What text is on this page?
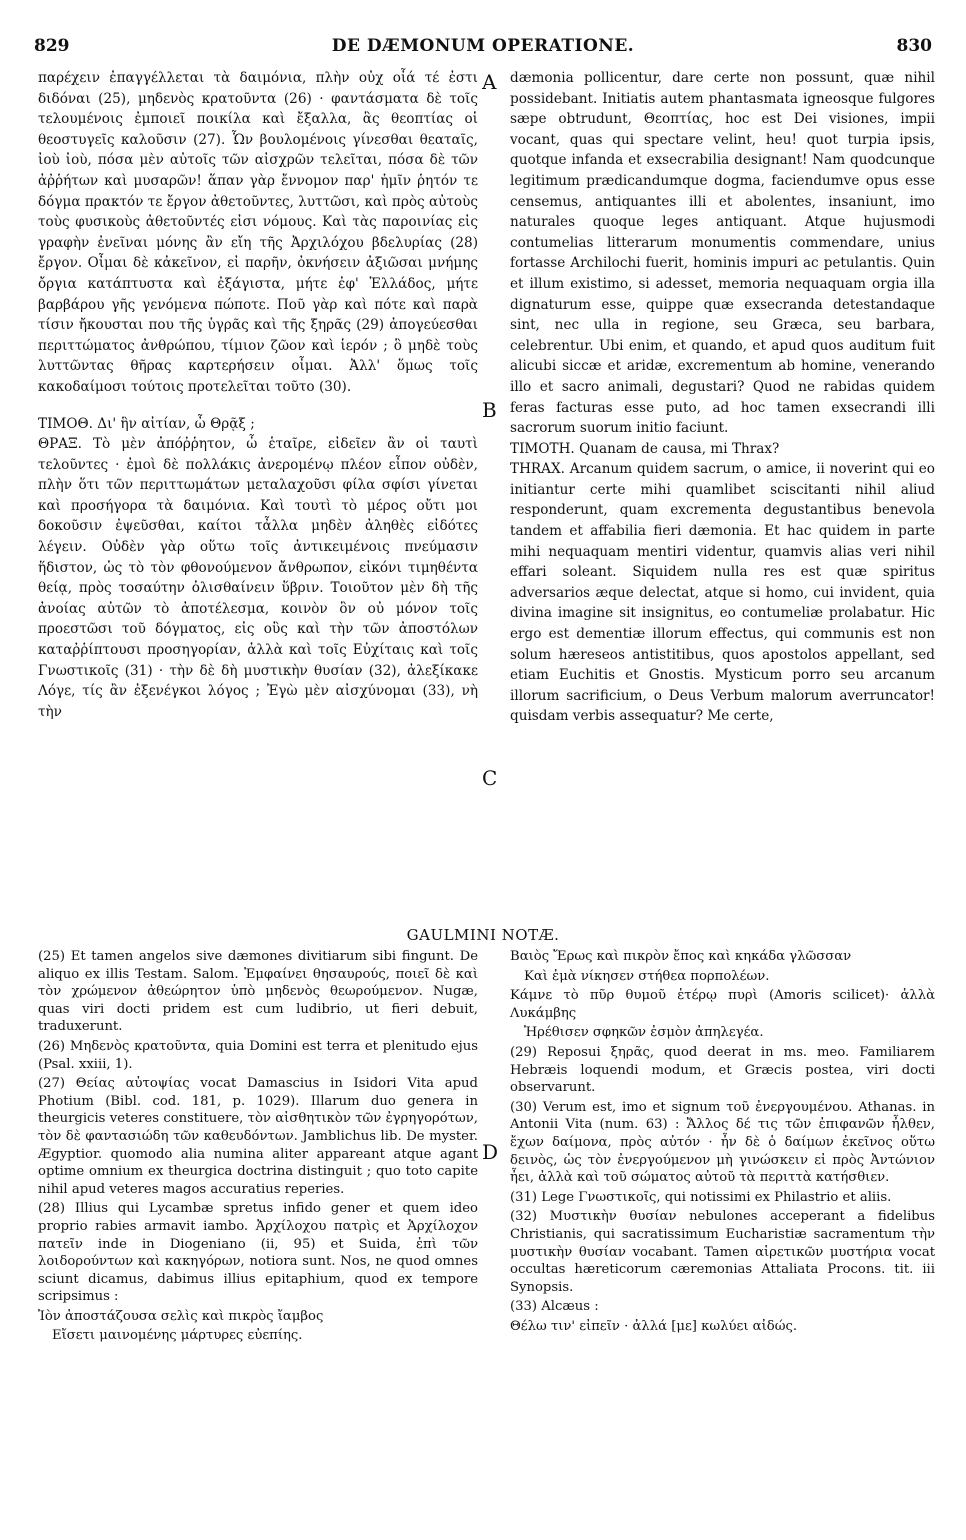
829	DE DÆMONUM OPERATIONE.	830
A
B
C
D

παρέχειν ἐπαγγέλλεται τὰ δαιμόνια, πλὴν οὐχ οἷά τέ ἐστι διδόναι (25), μηδενὸς κρατοῦντα (26) · φαντάσματα δὲ τοῖς τελουμένοις ἐμποιεῖ ποικίλα καὶ ἔξαλλα, ἃς θεοπτίας οἱ θεοστυγεῖς καλοῦσιν (27). Ὧν βουλομένοις γίνεσθαι θεαταῖς, ἰοὺ ἰοὺ, πόσα μὲν αὐτοῖς τῶν αἰσχρῶν τελεῖται, πόσα δὲ τῶν ἀῤῥήτων καὶ μυσαρῶν! ἅπαν γὰρ ἔννομον παρ' ἡμῖν ῥητόν τε δόγμα πρακτόν τε ἔργον ἀθετοῦντες, λυττῶσι, καὶ πρὸς αὐτοὺς τοὺς φυσικοὺς ἀθετοῦντές εἰσι νόμους. Καὶ τὰς παροινίας εἰς γραφὴν ἐνεῖναι μόνης ἂν εἴη τῆς Ἀρχιλόχου βδελυρίας (28) ἔργον. Οἶμαι δὲ κἀκεῖνον, εἰ παρῆν, ὀκνήσειν ἀξιῶσαι μνήμης ὄργια κατάπτυστα καὶ ἐξάγιστα, μήτε ἐφ' Ἑλλάδος, μήτε βαρβάρου γῆς γενόμενα πώποτε. Ποῦ γὰρ καὶ πότε καὶ παρὰ τίσιν ἤκουσται που τῆς ὑγρᾶς καὶ τῆς ξηρᾶς (29) ἀπογεύεσθαι περιττώματος ἀνθρώπου, τίμιον ζῶον καὶ ἱερόν ; ὃ μηδὲ τοὺς λυττῶντας θῆρας καρτερήσειν οἶμαι. Ἀλλ' ὅμως τοῖς κακοδαίμοσι τούτοις προτελεῖται τοῦτο (30).

ΤΙΜΟΘ. Δι' ἣν αἰτίαν, ὦ Θρᾷξ ;

ΘΡΑΞ. Τὸ μὲν ἀπόῤῥητον, ὦ ἑταῖρε, εἰδεῖεν ἂν οἱ ταυτὶ τελοῦντες · ἐμοὶ δὲ πολλάκις ἀνερομένῳ πλέον εἶπον οὐδὲν, πλὴν ὅτι τῶν περιττωμάτων μεταλαχοῦσι φίλα σφίσι γίνεται καὶ προσήγορα τὰ δαιμόνια. Καὶ τουτὶ τὸ μέρος οὔτι μοι δοκοῦσιν ἐψεῦσθαι, καίτοι τἆλλα μηδὲν ἀληθὲς εἰδότες λέγειν. Οὐδὲν γὰρ οὕτω τοῖς ἀντικειμένοις πνεύμασιν ἥδιστον, ὡς τὸ τὸν φθονούμενον ἄνθρωπον, εἰκόνι τιμηθέντα θείᾳ, πρὸς τοσαύτην ὀλισθαίνειν ὕβριν. Τοιοῦτον μὲν δὴ τῆς ἀνοίας αὐτῶν τὸ ἀποτέλεσμα, κοινὸν ὂν οὐ μόνον τοῖς προεστῶσι τοῦ δόγματος, εἰς οὓς καὶ τὴν τῶν ἀποστόλων καταῤῥίπτουσι προσηγορίαν, ἀλλὰ καὶ τοῖς Εὐχίταις καὶ τοῖς Γνωστικοῖς (31) · τὴν δὲ δὴ μυστικὴν θυσίαν (32), ἀλεξίκακε Λόγε, τίς ἂν ἐξενέγκοι λόγος ; Ἐγὼ μὲν αἰσχύνομαι (33), νὴ τὴν

dæmonia pollicentur, dare certe non possunt, quæ nihil possidebant. Initiatis autem phantasmata igneosque fulgores sæpe obtrudunt, Θεοπτίας, hoc est Dei visiones, impii vocant, quas qui spectare velint, heu! quot turpia ipsis, quotque infanda et exsecrabilia designant! Nam quodcunque legitimum prædicandumque dogma, faciendumve opus esse censemus, antiquantes illi et abolentes, insaniunt, imo naturales quoque leges antiquant. Atque hujusmodi contumelias litterarum monumentis commendare, unius fortasse Archilochi fuerit, hominis impuri ac petulantis. Quin et illum existimo, si adesset, memoria nequaquam orgia illa dignaturum esse, quippe quæ exsecranda detestandaque sint, nec ulla in regione, seu Græca, seu barbara, celebrentur. Ubi enim, et quando, et apud quos auditum fuit alicubi siccæ et aridæ, excrementum ab homine, venerando illo et sacro animali, degustari? Quod ne rabidas quidem feras facturas esse puto, ad hoc tamen exsecrandi illi sacrorum suorum initio faciunt.

TIMOTH. Quanam de causa, mi Thrax?

THRAX. Arcanum quidem sacrum, o amice, ii noverint qui eo initiantur certe mihi quamlibet sciscitanti nihil aliud responderunt, quam excrementa degustantibus benevola tandem et affabilia fieri dæmonia. Et hac quidem in parte mihi nequaquam mentiri videntur, quamvis alias veri nihil effari soleant. Siquidem nulla res est quæ spiritus adversarios æque delectat, atque si homo, cui invident, quia divina imagine sit insignitus, eo contumeliæ prolabatur. Hic ergo est dementiæ illorum effectus, qui communis est non solum hæreseos antistitibus, quos apostolos appellant, sed etiam Euchitis et Gnostis. Mysticum porro seu arcanum illorum sacrificium, o Deus Verbum malorum averruncator! quisdam verbis assequatur? Me certe,

GAULMINI NOTÆ.

(25) Et tamen angelos sive dæmones divitiarum sibi fingunt. De aliquo ex illis Testam. Salom. Ἐμφαίνει θησαυρούς, ποιεῖ δὲ καὶ τὸν χρώμενον ἀθεώρητον ὑπὸ μηδενὸς θεωρούμενον. Nugæ, quas viri docti pridem est cum ludibrio, ut fieri debuit, traduxerunt.

(26) Μηδενὸς κρατοῦντα, quia Domini est terra et plenitudo ejus (Psal. xxiii, 1).

(27) Θείας αὐτοψίας vocat Damascius in Isidori Vita apud Photium (Bibl. cod. 181, p. 1029). Illarum duo genera in theurgicis veteres constituere, τὸν αἰσθητικὸν τῶν ἐγρηγορότων, τὸν δὲ φαντασιώδη τῶν καθευδόντων. Jamblichus lib. De myster. Ægyptior. quomodo alia numina aliter appareant atque agant optime omnium ex theurgica doctrina distinguit ; quo toto capite nihil apud veteres magos accuratius reperies.

(28) Illius qui Lycambæ spretus infido gener et quem ideo proprio rabies armavit iambo. Ἀρχίλοχου πατρὶς et Ἀρχίλοχον πατεῖν inde in Diogeniano (ii, 95) et Suida, ἐπὶ τῶν λοιδορούντων καὶ κακηγόρων, notiora sunt. Nos, ne quod omnes sciunt dicamus, dabimus illius epitaphium, quod ex tempore scripsimus :

Ἰὸν ἀποστάζουσα σελὶς καὶ πικρὸς ἴαμβος

Εἴσετι μαινομένης μάρτυρες εὐεπίης.

Βαιὸς Ἔρως καὶ πικρὸν ἔπος καὶ κηκάδα γλῶσσαν

Καὶ ἐμὰ νίκησεν στήθεα πορπολέων.

Κάμνε τὸ πῦρ θυμοῦ ἑτέρῳ πυρὶ (Amoris scilicet)· ἀλλὰ Λυκάμβης

Ἠρέθισεν σφηκῶν ἐσμὸν ἀπηλεγέα.

(29) Reposui ξηρᾶς, quod deerat in ms. meo. Familiarem Hebræis loquendi modum, et Græcis postea, viri docti observarunt.

(30) Verum est, imo et signum τοῦ ἐνεργουμένου. Athanas. in Antonii Vita (num. 63) : Ἄλλος δέ τις τῶν ἐπιφανῶν ἦλθεν, ἔχων δαίμονα, πρὸς αὐτόν · ἦν δὲ ὁ δαίμων ἐκεῖνος οὕτω δεινὸς, ὡς τὸν ἐνεργούμενον μὴ γινώσκειν εἰ πρὸς Ἀντώνιον ἦει, ἀλλὰ καὶ τοῦ σώματος αὐτοῦ τὰ περιττὰ κατήσθιεν.

(31) Lege Γνωστικοῖς, qui notissimi ex Philastrio et aliis.

(32) Μυστικὴν θυσίαν nebulones acceperant a fidelibus Christianis, qui sacratissimum Eucharistiæ sacramentum τὴν μυστικὴν θυσίαν vocabant. Tamen αἱρετικῶν μυστήρια vocat occultas hæreticorum cæremonias Attaliata Procons. tit. iii Synopsis.

(33) Alcæus :

Θέλω τιν' εἰπεῖν · ἀλλά [με] κωλύει αἰδώς.
